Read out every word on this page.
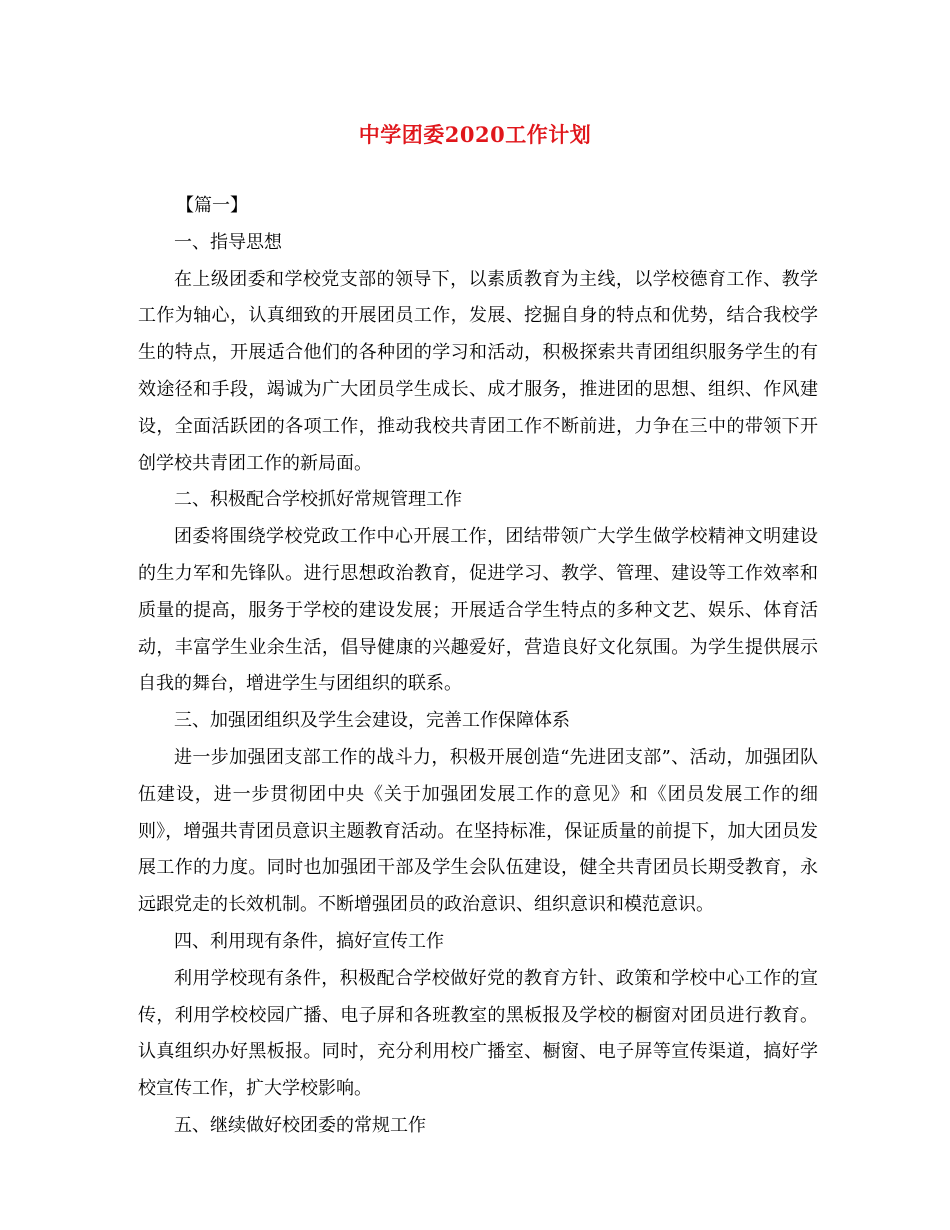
中学团委2020工作计划

【篇一】

一、指导思想

在上级团委和学校党支部的领导下，以素质教育为主线，以学校德育工作、教学工作为轴心，认真细致的开展团员工作，发展、挖掘自身的特点和优势，结合我校学生的特点，开展适合他们的各种团的学习和活动，积极探索共青团组织服务学生的有效途径和手段，竭诚为广大团员学生成长、成才服务，推进团的思想、组织、作风建设，全面活跃团的各项工作，推动我校共青团工作不断前进，力争在三中的带领下开创学校共青团工作的新局面。

二、积极配合学校抓好常规管理工作

团委将围绕学校党政工作中心开展工作，团结带领广大学生做学校精神文明建设的生力军和先锋队。进行思想政治教育，促进学习、教学、管理、建设等工作效率和质量的提高，服务于学校的建设发展；开展适合学生特点的多种文艺、娱乐、体育活动，丰富学生业余生活，倡导健康的兴趣爱好，营造良好文化氛围。为学生提供展示自我的舞台，增进学生与团组织的联系。

三、加强团组织及学生会建设，完善工作保障体系

进一步加强团支部工作的战斗力，积极开展创造“先进团支部”、活动，加强团队伍建设，进一步贯彻团中央《关于加强团发展工作的意见》和《团员发展工作的细则》，增强共青团员意识主题教育活动。在坚持标准，保证质量的前提下，加大团员发展工作的力度。同时也加强团干部及学生会队伍建设，健全共青团员长期受教育，永远跟党走的长效机制。不断增强团员的政治意识、组织意识和模范意识。

四、利用现有条件，搞好宣传工作

利用学校现有条件，积极配合学校做好党的教育方针、政策和学校中心工作的宣传，利用学校校园广播、电子屏和各班教室的黑板报及学校的橱窗对团员进行教育。认真组织办好黑板报。同时，充分利用校广播室、橱窗、电子屏等宣传渠道，搞好学校宣传工作，扩大学校影响。

五、继续做好校团委的常规工作
